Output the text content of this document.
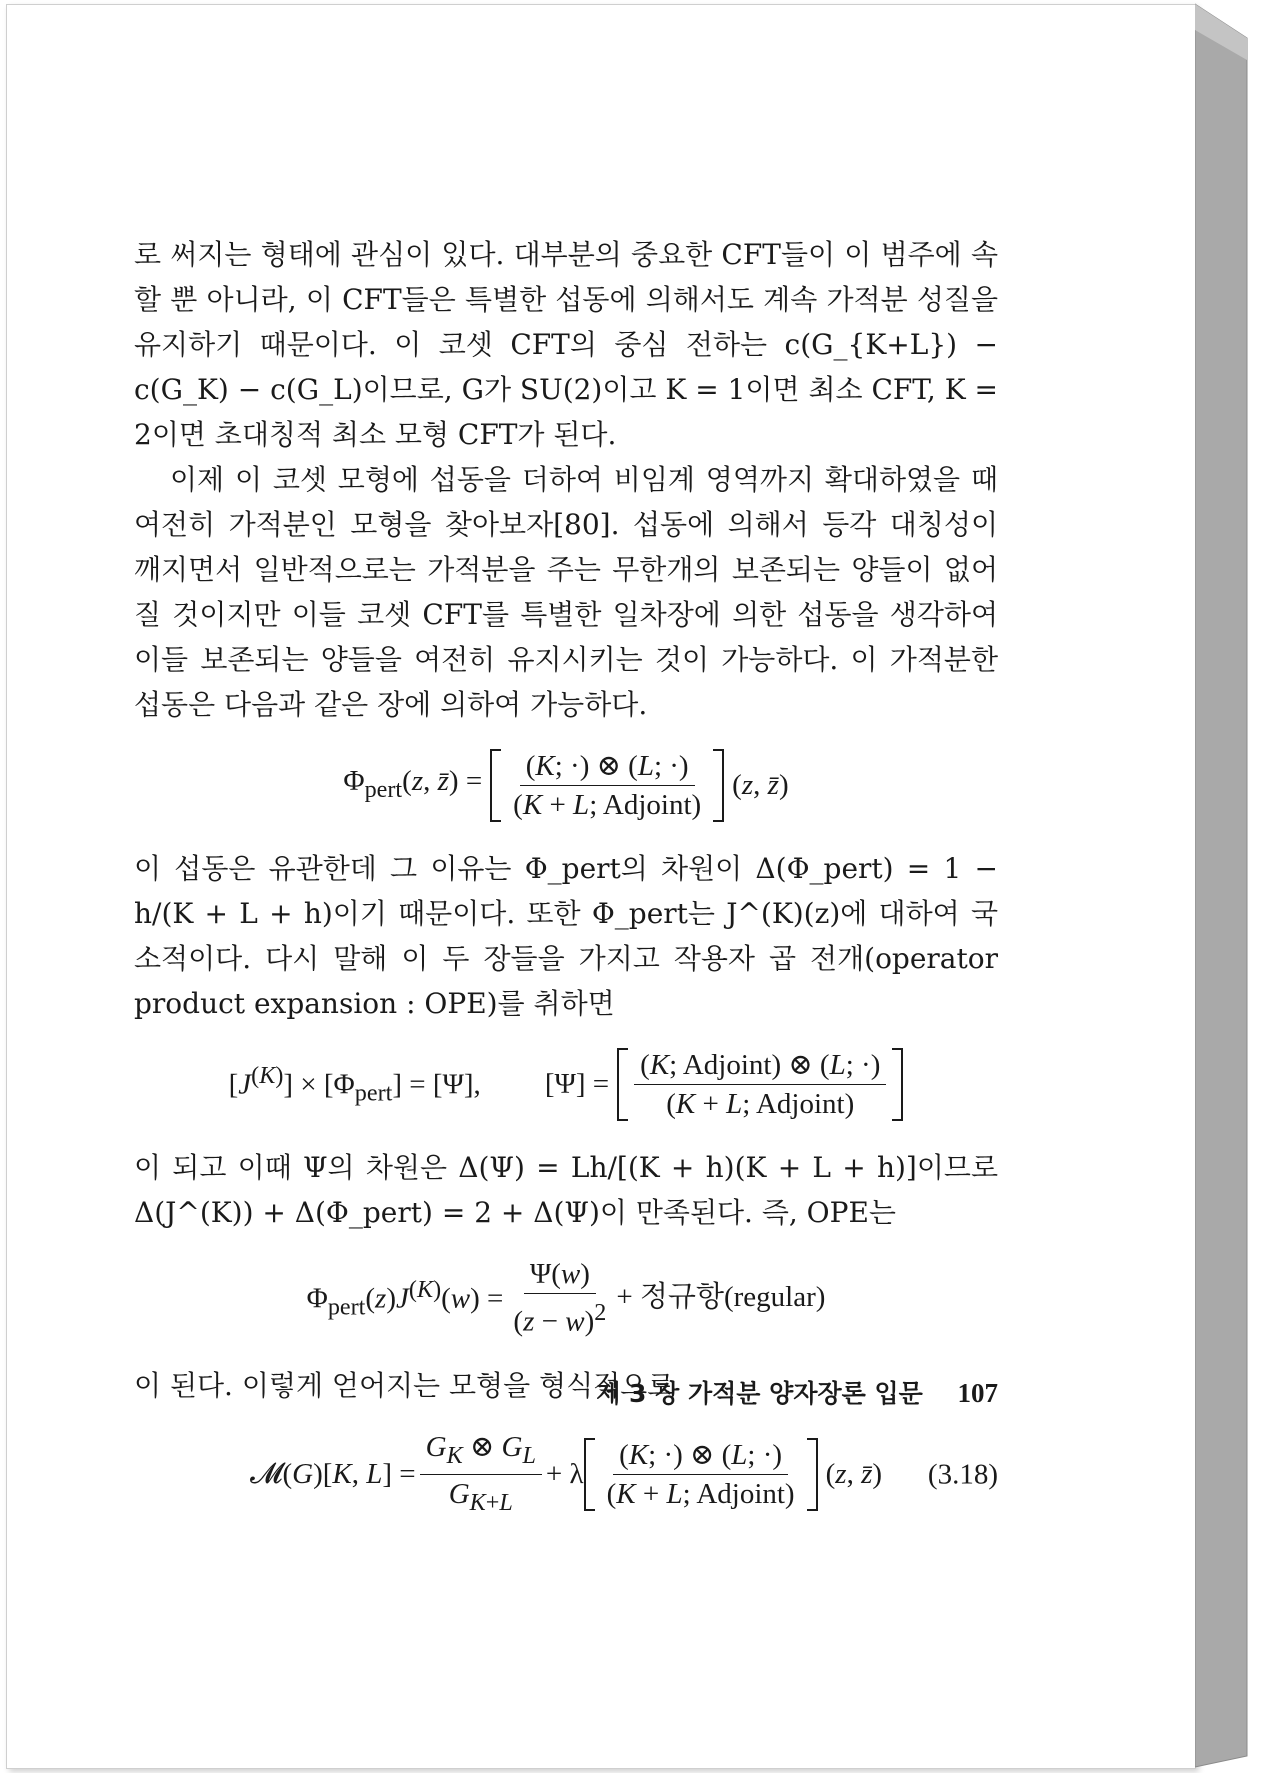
로 써지는 형태에 관심이 있다. 대부분의 중요한 CFT들이 이 범주에 속할 뿐 아니라, 이 CFT들은 특별한 섭동에 의해서도 계속 가적분 성질을 유지하기 때문이다. 이 코셋 CFT의 중심 전하는 c(G_{K+L}) − c(G_K) − c(G_L)이므로, G가 SU(2)이고 K = 1이면 최소 CFT, K = 2이면 초대칭적 최소 모형 CFT가 된다.

이제 이 코셋 모형에 섭동을 더하여 비임계 영역까지 확대하였을 때 여전히 가적분인 모형을 찾아보자[80]. 섭동에 의해서 등각 대칭성이 깨지면서 일반적으로는 가적분을 주는 무한개의 보존되는 양들이 없어질 것이지만 이들 코셋 CFT를 특별한 일차장에 의한 섭동을 생각하여 이들 보존되는 양들을 여전히 유지시키는 것이 가능하다. 이 가적분한 섭동은 다음과 같은 장에 의하여 가능하다.

$\Phi_{pert}(z$, z̄) = $\frac{(K; \cdot) \otimes (L; \cdot)}{\text{(K + L; Adjoint)}} (z$, z̄)

이 섭동은 유관한데 그 이유는 Φ_pert의 차원이 Δ(Φ_pert) = 1 − h/(K + L + h)이기 때문이다. 또한 Φ_pert는 J^(K)(z)에 대하여 국소적이다. 다시 말해 이 두 장들을 가지고 작용자 곱 전개(operator product expansion : OPE)를 취하면

$[J^{(K)}] \times [\Phi_{pert}] = [\Psi]$, $[\Psi] = \frac{\text{(K; Adjoint) ⊗ (L; ·)}}{\text{(K + L; Adjoint)}}$

이 되고 이때 Ψ의 차원은 Δ(Ψ) = Lh/[(K + h)(K + L + h)]이므로 Δ(J^(K)) + Δ(Φ_pert) = 2 + Δ(Ψ)이 만족된다. 즉, OPE는

$\Phi_{pert}(z)J^{(K)}(w) = \frac{\Psi(w)}{(z - w)^2}$ + 정규항(regular)

이 된다. 이렇게 얻어지는 모형을 형식적으로

𝓜(G)[K, $L] = \frac{G_K \otimes G_L}{G_{K+L}} + \lambda \frac{(K; \cdot) \otimes (L; \cdot)}{\text{(K + L; Adjoint)}} (z$, z̄) (3.18)
제 3 장 가적분 양자장론 입문 107
